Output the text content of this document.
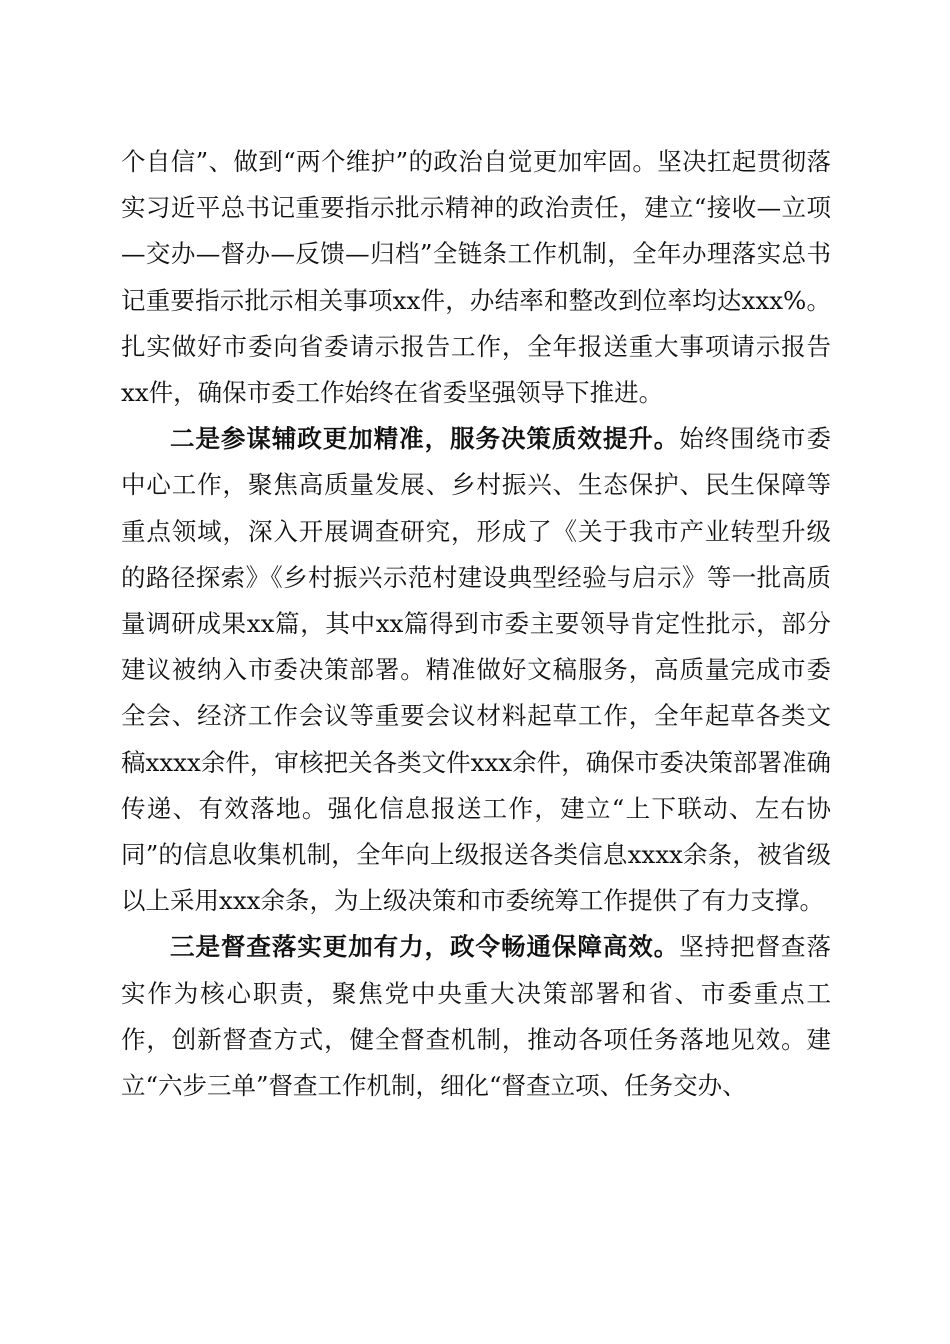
个自信”、做到“两个维护”的政治自觉更加牢固。坚决扛起贯彻落实习近平总书记重要指示批示精神的政治责任，建立“接收—立项—交办—督办—反馈—归档”全链条工作机制，全年办理落实总书记重要指示批示相关事项xx件，办结率和整改到位率均达xxx%。扎实做好市委向省委请示报告工作，全年报送重大事项请示报告xx件，确保市委工作始终在省委坚强领导下推进。

二是参谋辅政更加精准，服务决策质效提升。始终围绕市委中心工作，聚焦高质量发展、乡村振兴、生态保护、民生保障等重点领域，深入开展调查研究，形成了《关于我市产业转型升级的路径探索》《乡村振兴示范村建设典型经验与启示》等一批高质量调研成果xx篇，其中xx篇得到市委主要领导肯定性批示，部分建议被纳入市委决策部署。精准做好文稿服务，高质量完成市委全会、经济工作会议等重要会议材料起草工作，全年起草各类文稿xxxx余件，审核把关各类文件xxx余件，确保市委决策部署准确传递、有效落地。强化信息报送工作，建立“上下联动、左右协同”的信息收集机制，全年向上级报送各类信息xxxx余条，被省级以上采用xxx余条，为上级决策和市委统筹工作提供了有力支撑。

三是督查落实更加有力，政令畅通保障高效。坚持把督查落实作为核心职责，聚焦党中央重大决策部署和省、市委重点工作，创新督查方式，健全督查机制，推动各项任务落地见效。建立“六步三单”督查工作机制，细化“督查立项、任务交办、
